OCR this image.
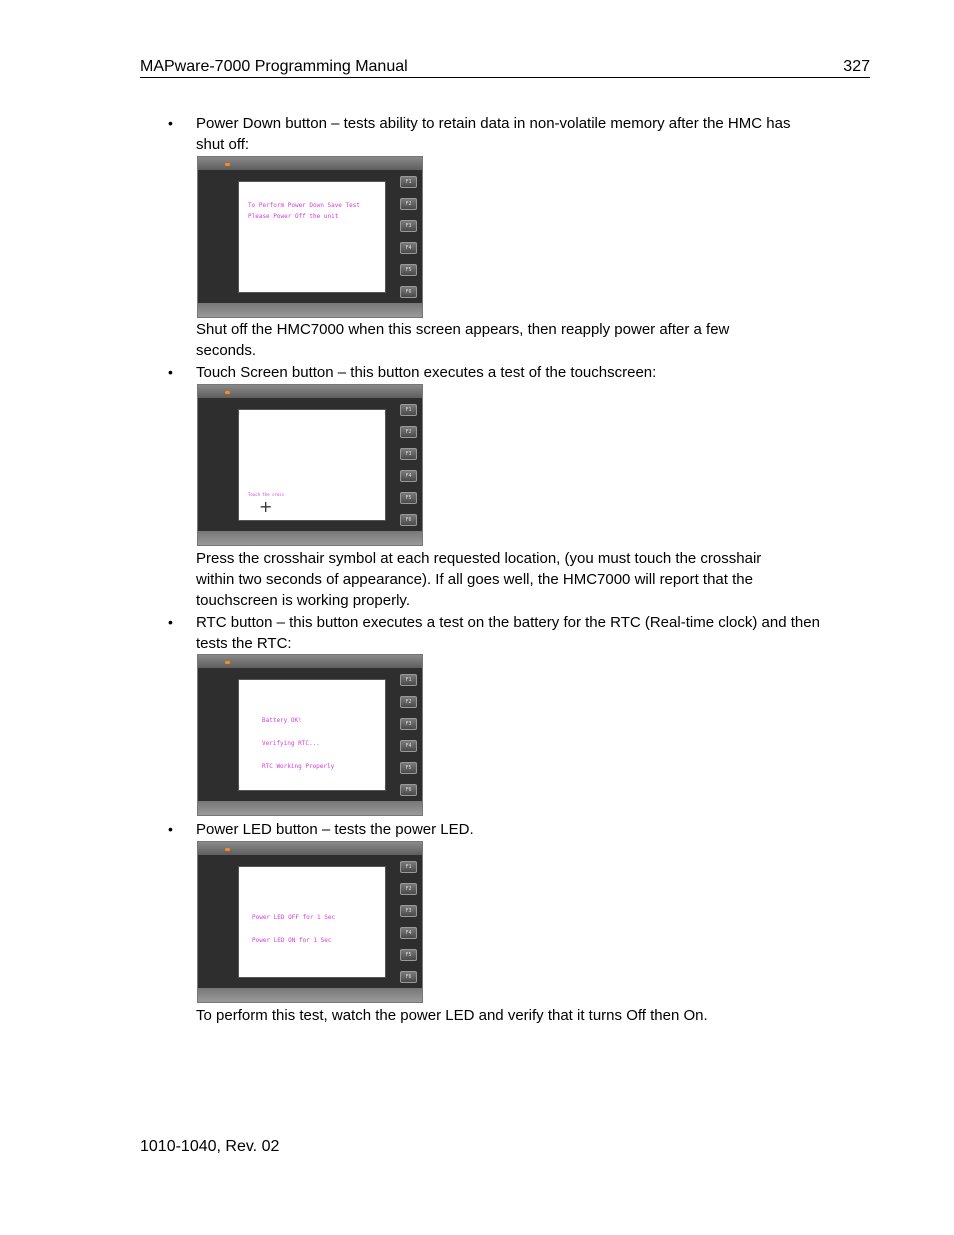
MAPware-7000 Programming Manual	327
• Power Down button – tests ability to retain data in non-volatile memory after the HMC has shut off:
To Perform Power Down Save Test
Please Power Off the unit
F1
F2
F3
F4
F5
F6
Shut off the HMC7000 when this screen appears, then reapply power after a few seconds.
• Touch Screen button – this button executes a test of the touchscreen:
Touch the cross
+
F1
F2
F3
F4
F5
F6
Press the crosshair symbol at each requested location, (you must touch the crosshair within two seconds of appearance). If all goes well, the HMC7000 will report that the touchscreen is working properly.
• RTC button – this button executes a test on the battery for the RTC (Real-time clock) and then tests the RTC:
Battery OK!
Verifying RTC...
RTC Working Properly
F1
F2
F3
F4
F5
F6
• Power LED button – tests the power LED.
Power LED OFF for 1 Sec
Power LED ON for 1 Sec
F1
F2
F3
F4
F5
F6
To perform this test, watch the power LED and verify that it turns Off then On.
1010-1040, Rev. 02
